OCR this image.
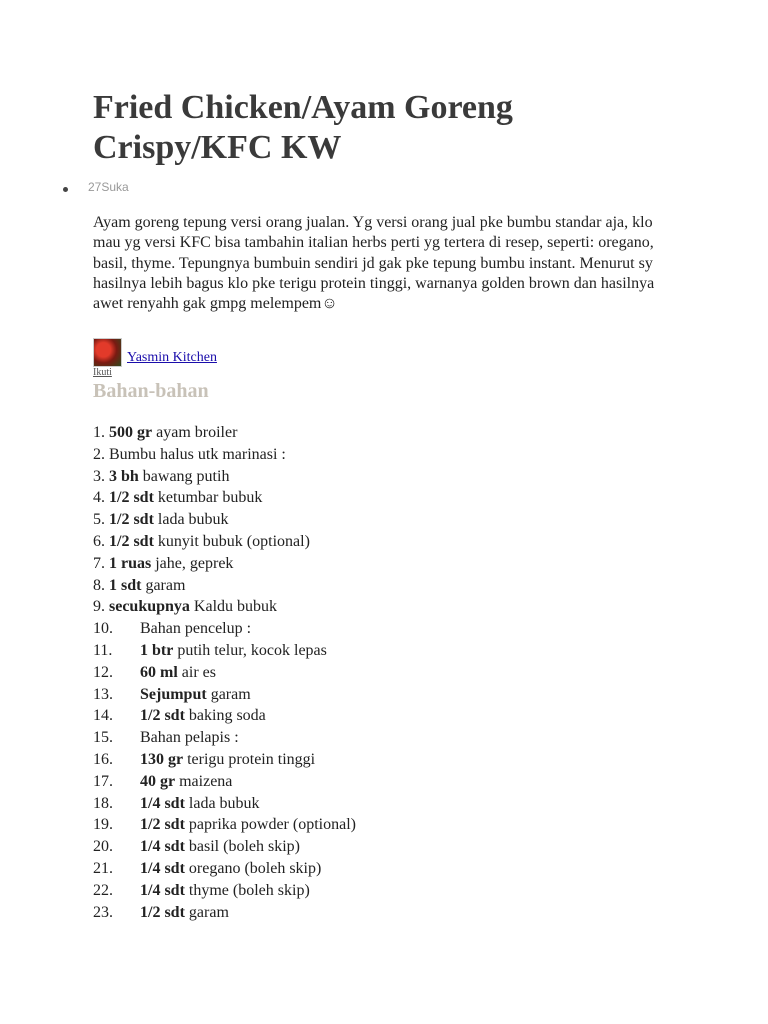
Fried Chicken/Ayam Goreng Crispy/KFC KW
27Suka

Ayam goreng tepung versi orang jualan. Yg versi orang jual pke bumbu standar aja, klo mau yg versi KFC bisa tambahin italian herbs perti yg tertera di resep, seperti: oregano, basil, thyme. Tepungnya bumbuin sendiri jd gak pke tepung bumbu instant. Menurut sy hasilnya lebih bagus klo pke terigu protein tinggi, warnanya golden brown dan hasilnya awet renyahh gak gmpg melempem☺

Yasmin Kitchen
Ikuti
Bahan-bahan
1. 500 gr ayam broiler
2. Bumbu halus utk marinasi :
3. 3 bh bawang putih
4. 1/2 sdt ketumbar bubuk
5. 1/2 sdt lada bubuk
6. 1/2 sdt kunyit bubuk (optional)
7. 1 ruas jahe, geprek
8. 1 sdt garam
9. secukupnya Kaldu bubuk
10.	Bahan pencelup :
11.	1 btr putih telur, kocok lepas
12.	60 ml air es
13.	Sejumput garam
14.	1/2 sdt baking soda
15.	Bahan pelapis :
16.	130 gr terigu protein tinggi
17.	40 gr maizena
18.	1/4 sdt lada bubuk
19.	1/2 sdt paprika powder (optional)
20.	1/4 sdt basil (boleh skip)
21.	1/4 sdt oregano (boleh skip)
22.	1/4 sdt thyme (boleh skip)
23.	1/2 sdt garam
